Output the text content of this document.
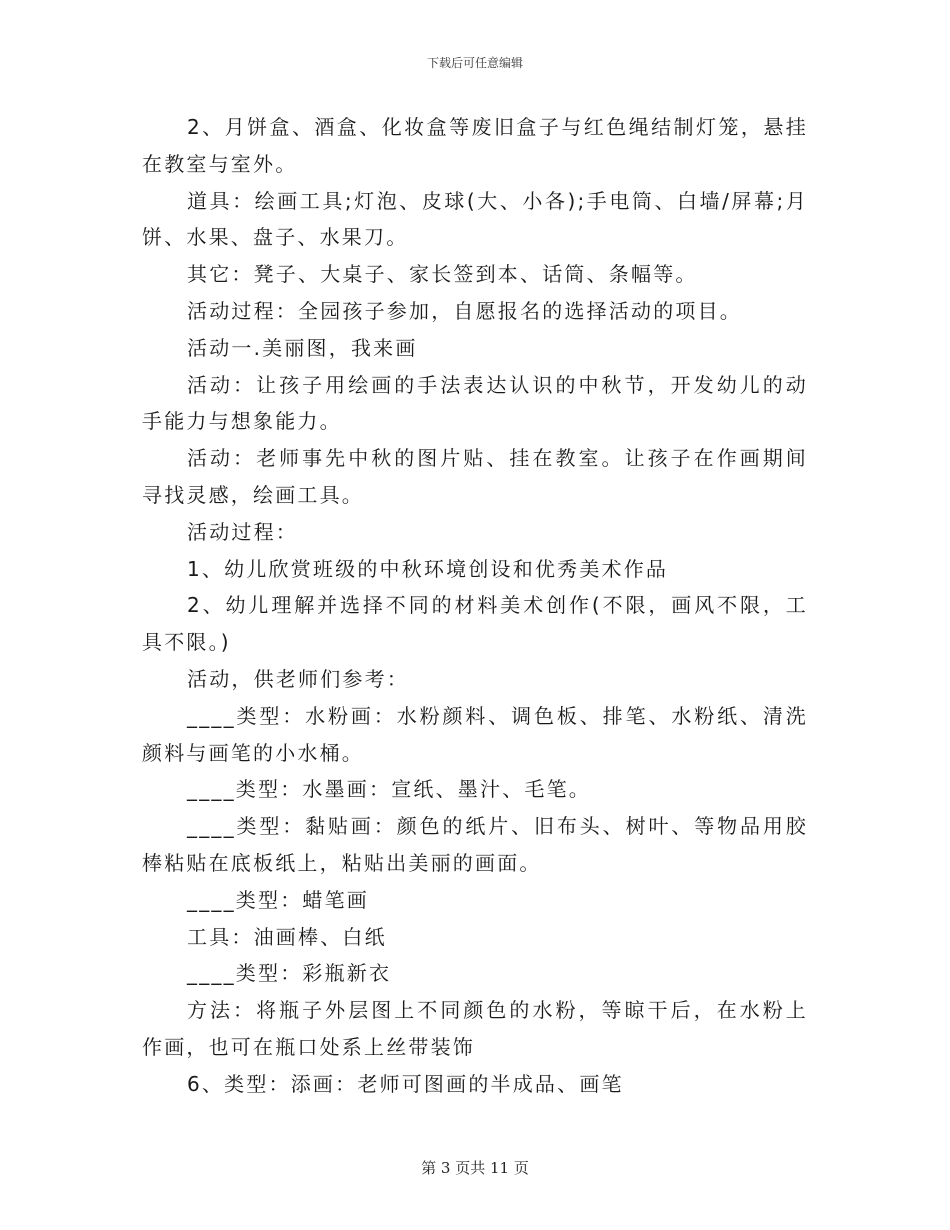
下载后可任意编辑

2、月饼盒、酒盒、化妆盒等废旧盒子与红色绳结制灯笼，悬挂在教室与室外。

道具：绘画工具;灯泡、皮球(大、小各);手电筒、白墙/屏幕;月饼、水果、盘子、水果刀。

其它：凳子、大桌子、家长签到本、话筒、条幅等。

活动过程：全园孩子参加，自愿报名的选择活动的项目。

活动一.美丽图，我来画

活动：让孩子用绘画的手法表达认识的中秋节，开发幼儿的动手能力与想象能力。

活动：老师事先中秋的图片贴、挂在教室。让孩子在作画期间寻找灵感，绘画工具。

活动过程：

1、幼儿欣赏班级的中秋环境创设和优秀美术作品

2、幼儿理解并选择不同的材料美术创作(不限，画风不限，工具不限。)

活动，供老师们参考：

____类型：水粉画：水粉颜料、调色板、排笔、水粉纸、清洗颜料与画笔的小水桶。

____类型：水墨画：宣纸、墨汁、毛笔。

____类型：黏贴画：颜色的纸片、旧布头、树叶、等物品用胶棒粘贴在底板纸上，粘贴出美丽的画面。

____类型：蜡笔画

工具：油画棒、白纸

____类型：彩瓶新衣

方法：将瓶子外层图上不同颜色的水粉，等晾干后，在水粉上作画，也可在瓶口处系上丝带装饰

6、类型：添画：老师可图画的半成品、画笔

第 3 页共 11 页
